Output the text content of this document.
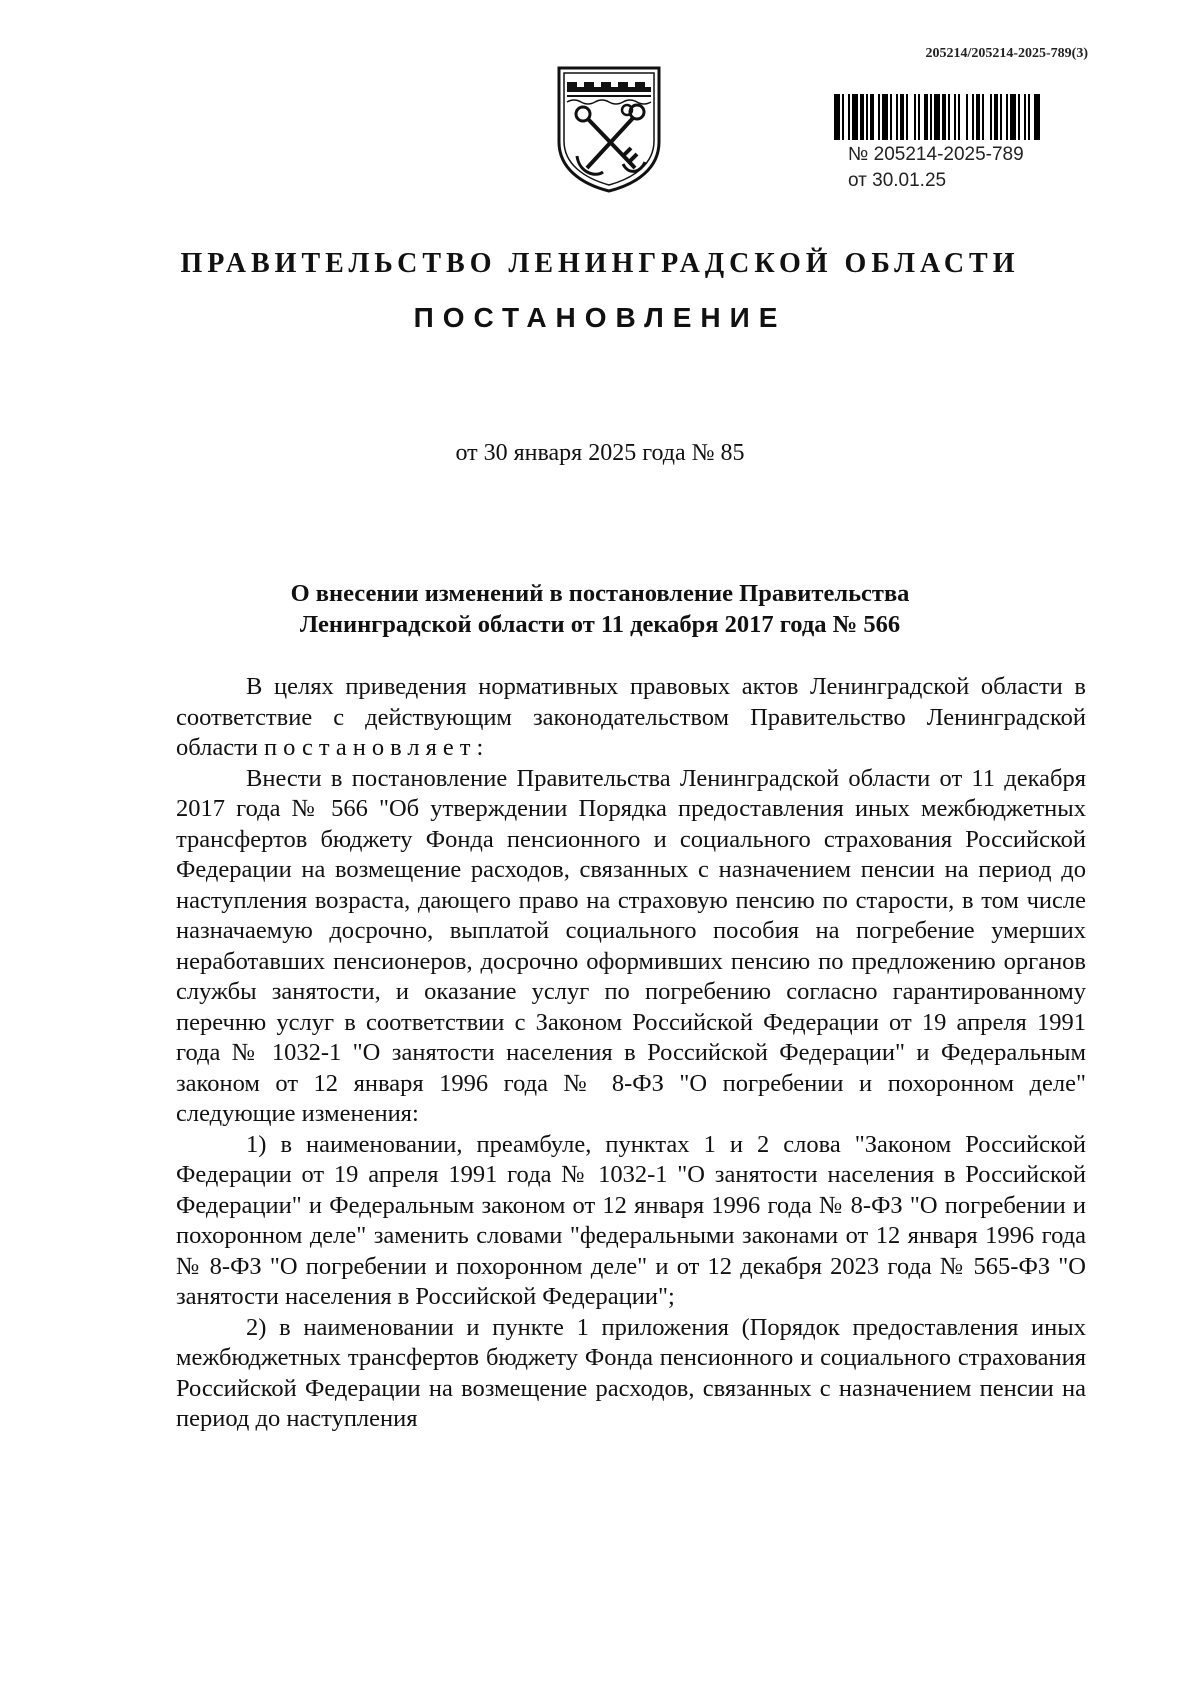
205214/205214-2025-789(3)
№ 205214-2025-789
от 30.01.25
ПРАВИТЕЛЬСТВО ЛЕНИНГРАДСКОЙ ОБЛАСТИ
ПОСТАНОВЛЕНИЕ
от 30 января 2025 года № 85
О внесении изменений в постановление Правительства
Ленинградской области от 11 декабря 2017 года № 566

В целях приведения нормативных правовых актов Ленинградской области в соответствие с действующим законодательством Правительство Ленинградской области постановляет:

Внести в постановление Правительства Ленинградской области от 11 декабря 2017 года № 566 "Об утверждении Порядка предоставления иных межбюджетных трансфертов бюджету Фонда пенсионного и социального страхования Российской Федерации на возмещение расходов, связанных с назначением пенсии на период до наступления возраста, дающего право на страховую пенсию по старости, в том числе назначаемую досрочно, выплатой социального пособия на погребение умерших неработавших пенсионеров, досрочно оформивших пенсию по предложению органов службы занятости, и оказание услуг по погребению согласно гарантированному перечню услуг в соответствии с Законом Российской Федерации от 19 апреля 1991 года № 1032-1 "О занятости населения в Российской Федерации" и Федеральным законом от 12 января 1996 года № 8-ФЗ "О погребении и похоронном деле" следующие изменения:

1) в наименовании, преамбуле, пунктах 1 и 2 слова "Законом Российской Федерации от 19 апреля 1991 года № 1032-1 "О занятости населения в Российской Федерации" и Федеральным законом от 12 января 1996 года № 8-ФЗ "О погребении и похоронном деле" заменить словами "федеральными законами от 12 января 1996 года № 8-ФЗ "О погребении и похоронном деле" и от 12 декабря 2023 года № 565-ФЗ "О занятости населения в Российской Федерации";

2) в наименовании и пункте 1 приложения (Порядок предоставления иных межбюджетных трансфертов бюджету Фонда пенсионного и социального страхования Российской Федерации на возмещение расходов, связанных с назначением пенсии на период до наступления
